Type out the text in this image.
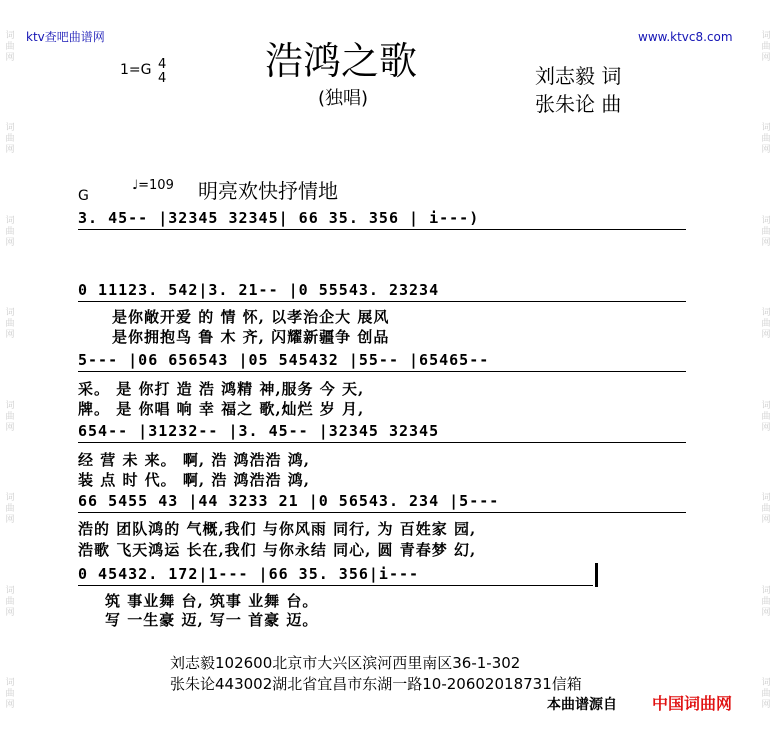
词曲网
词曲网
词曲网
词曲网
词曲网
词曲网
词曲网
词曲网
词曲网
词曲网
词曲网
词曲网
词曲网
词曲网
词曲网
词曲网
ktv查吧曲谱网	www.ktvc8.com
浩鸿之歌
(独唱)
刘志毅 词
张朱论 曲
1=G 4
4
G
♩=109 明亮欢快抒情地
3. 45-- |32345 32345| 66 35. 356 | i---)
0 11123. 542|3. 21-- |0 55543. 23234
是你敞开爱 的 情 怀, 以孝治企大 展风
是你拥抱鸟 鲁 木 齐, 闪耀新疆争 创品
5--- |06 656543 |05 545432 |55-- |65465--
采。 是 你打 造 浩 鸿精 神,服务 今 天,
牌。 是 你唱 响 幸 福之 歌,灿烂 岁 月,
654-- |31232-- |3. 45-- |32345 32345
经 营 未 来。 啊, 浩 鸿浩浩 鸿,
装 点 时 代。 啊, 浩 鸿浩浩 鸿,
66 5455 43 |44 3233 21 |0 56543. 234 |5---
浩的 团队鸿的 气概,我们 与你风雨 同行, 为 百姓家 园,
浩歌 飞天鸿运 长在,我们 与你永结 同心, 圆 青春梦 幻,
0 45432. 172|1--- |66 35. 356|i---
筑 事业舞 台, 筑事 业舞 台。
写 一生豪 迈, 写一 首豪 迈。
刘志毅102600北京市大兴区滨河西里南区36-1-302
张朱论443002湖北省宜昌市东湖一路10-20602018731信箱
本曲谱源自 中国词曲网
